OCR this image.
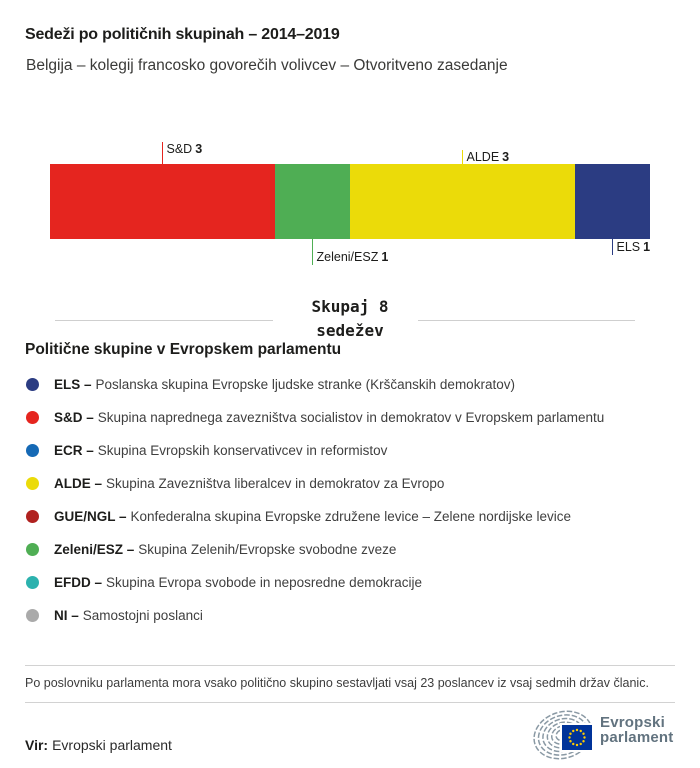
Sedeži po političnih skupinah – 2014–2019
Belgija – kolegij francosko govorečih volivcev – Otvoritveno zasedanje
S&D 3
Zeleni/ESZ 1
ALDE 3
ELS 1
Skupaj 8
sedežev
Politične skupine v Evropskem parlamentu
ELS – Poslanska skupina Evropske ljudske stranke (Krščanskih demokratov)
S&D – Skupina naprednega zavezništva socialistov in demokratov v Evropskem parlamentu
ECR – Skupina Evropskih konservativcev in reformistov
ALDE – Skupina Zavezništva liberalcev in demokratov za Evropo
GUE/NGL – Konfederalna skupina Evropske združene levice – Zelene nordijske levice
Zeleni/ESZ – Skupina Zelenih/Evropske svobodne zveze
EFDD – Skupina Evropa svobode in neposredne demokracije
NI – Samostojni poslanci
Po poslovniku parlamenta mora vsako politično skupino sestavljati vsaj 23 poslancev iz vsaj sedmih držav članic.
Vir: Evropski parlament
Evropski
parlament
